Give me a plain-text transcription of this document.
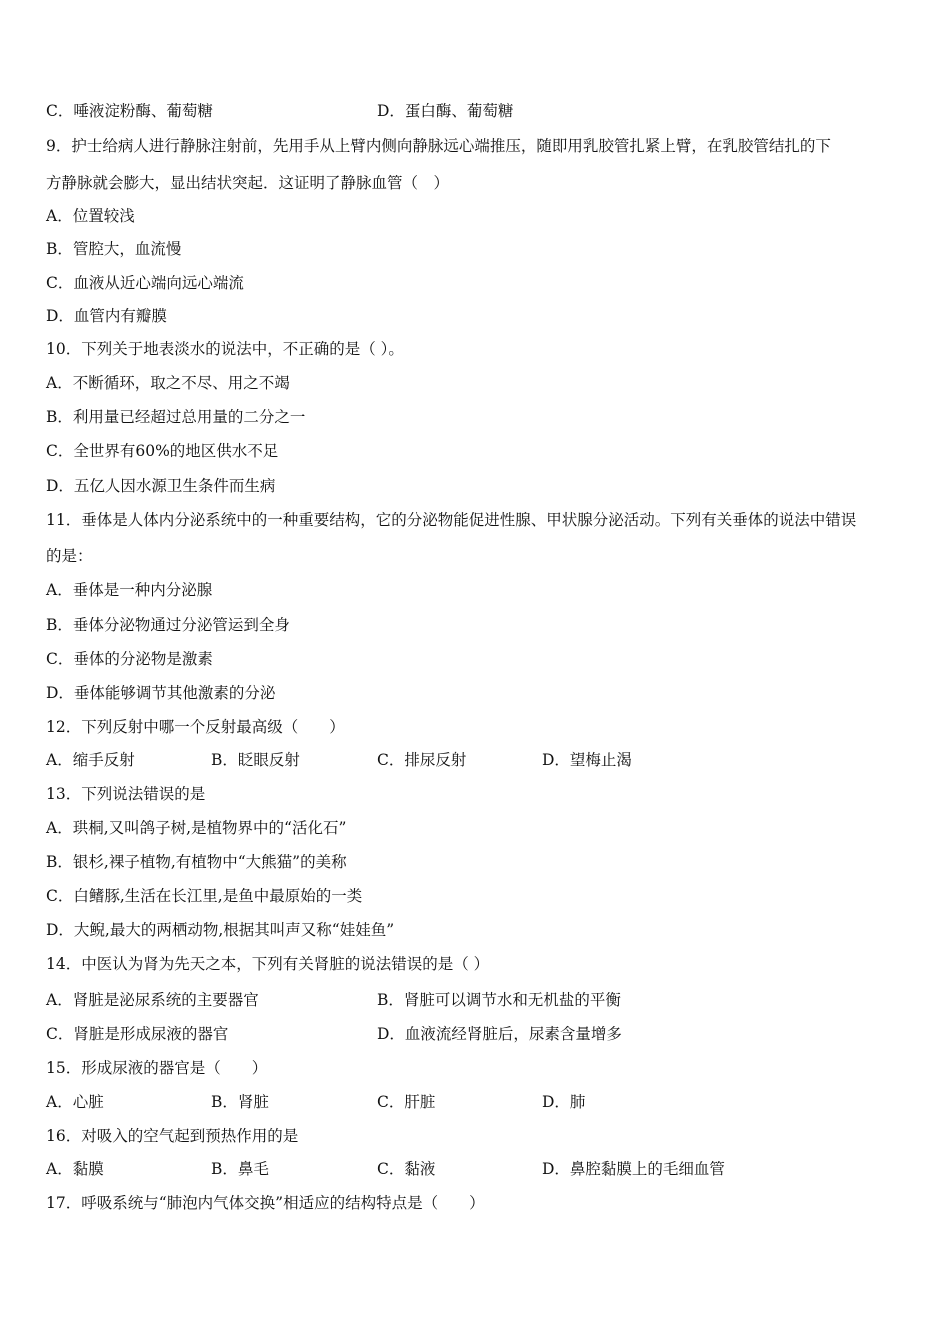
C．唾液淀粉酶、葡萄糖	D．蛋白酶、葡萄糖
9．护士给病人进行静脉注射前，先用手从上臂内侧向静脉远心端推压，随即用乳胶管扎紧上臂，在乳胶管结扎的下
方静脉就会膨大，显出结状突起．这证明了静脉血管（　）
A．位置较浅
B．管腔大，血流慢
C．血液从近心端向远心端流
D．血管内有瓣膜
10．下列关于地表淡水的说法中，不正确的是（ ）。
A．不断循环，取之不尽、用之不竭
B．利用量已经超过总用量的二分之一
C．全世界有60%的地区供水不足
D．五亿人因水源卫生条件而生病
11．垂体是人体内分泌系统中的一种重要结构，它的分泌物能促进性腺、甲状腺分泌活动。下列有关垂体的说法中错误
的是：
A．垂体是一种内分泌腺
B．垂体分泌物通过分泌管运到全身
C．垂体的分泌物是激素
D．垂体能够调节其他激素的分泌
12．下列反射中哪一个反射最高级（　　）
A．缩手反射	B．眨眼反射	C．排尿反射	D．望梅止渴
13．下列说法错误的是
A．珙桐,又叫鸽子树,是植物界中的“活化石”
B．银杉,裸子植物,有植物中“大熊猫”的美称
C．白鳍豚,生活在长江里,是鱼中最原始的一类
D．大鲵,最大的两栖动物,根据其叫声又称“娃娃鱼”
14．中医认为肾为先天之本，下列有关肾脏的说法错误的是（ ）
A．肾脏是泌尿系统的主要器官	B．肾脏可以调节水和无机盐的平衡
C．肾脏是形成尿液的器官	D．血液流经肾脏后，尿素含量增多
15．形成尿液的器官是（　　）
A．心脏	B．肾脏	C．肝脏	D．肺
16．对吸入的空气起到预热作用的是
A．黏膜	B．鼻毛	C．黏液	D．鼻腔黏膜上的毛细血管
17．呼吸系统与“肺泡内气体交换”相适应的结构特点是（　　）
